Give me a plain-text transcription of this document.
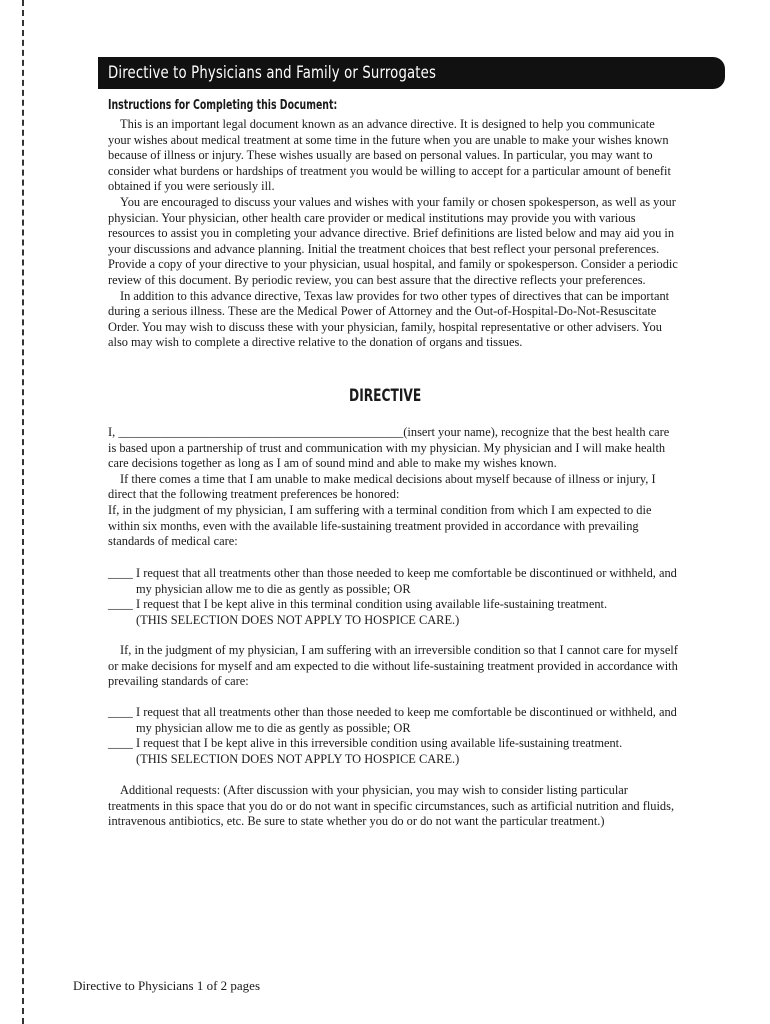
Directive to Physicians and Family or Surrogates
Instructions for Completing this Document:

This is an important legal document known as an advance directive. It is designed to help you communicate your wishes about medical treatment at some time in the future when you are unable to make your wishes known because of illness or injury. These wishes usually are based on personal values. In particular, you may want to consider what burdens or hardships of treatment you would be willing to accept for a particular amount of benefit obtained if you were seriously ill.

You are encouraged to discuss your values and wishes with your family or chosen spokesperson, as well as your physician. Your physician, other health care provider or medical institutions may provide you with various resources to assist you in completing your advance directive. Brief definitions are listed below and may aid you in your discussions and advance planning. Initial the treatment choices that best reflect your personal preferences. Provide a copy of your directive to your physician, usual hospital, and family or spokesperson. Consider a periodic review of this document. By periodic review, you can best assure that the directive reflects your preferences.

In addition to this advance directive, Texas law provides for two other types of directives that can be important during a serious illness. These are the Medical Power of Attorney and the Out-of-Hospital-Do-Not-Resuscitate Order. You may wish to discuss these with your physician, family, hospital representative or other advisers. You also may wish to complete a directive relative to the donation of organs and tissues.

DIRECTIVE

I, ______________________________________________(insert your name), recognize that the best health care is based upon a partnership of trust and communication with my physician. My physician and I will make health care decisions together as long as I am of sound mind and able to make my wishes known.

If there comes a time that I am unable to make medical decisions about myself because of illness or injury, I direct that the following treatment preferences be honored:

If, in the judgment of my physician, I am suffering with a terminal condition from which I am expected to die within six months, even with the available life-sustaining treatment provided in accordance with prevailing standards of medical care:

____ I request that all treatments other than those needed to keep me comfortable be discontinued or withheld, and my physician allow me to die as gently as possible; OR
____ I request that I be kept alive in this terminal condition using available life-sustaining treatment.
(THIS SELECTION DOES NOT APPLY TO HOSPICE CARE.)

If, in the judgment of my physician, I am suffering with an irreversible condition so that I cannot care for myself or make decisions for myself and am expected to die without life-sustaining treatment provided in accordance with prevailing standards of care:

____ I request that all treatments other than those needed to keep me comfortable be discontinued or withheld, and my physician allow me to die as gently as possible; OR
____ I request that I be kept alive in this irreversible condition using available life-sustaining treatment.
(THIS SELECTION DOES NOT APPLY TO HOSPICE CARE.)

Additional requests: (After discussion with your physician, you may wish to consider listing particular treatments in this space that you do or do not want in specific circumstances, such as artificial nutrition and fluids, intravenous antibiotics, etc. Be sure to state whether you do or do not want the particular treatment.)

Directive to Physicians 1 of 2 pages
